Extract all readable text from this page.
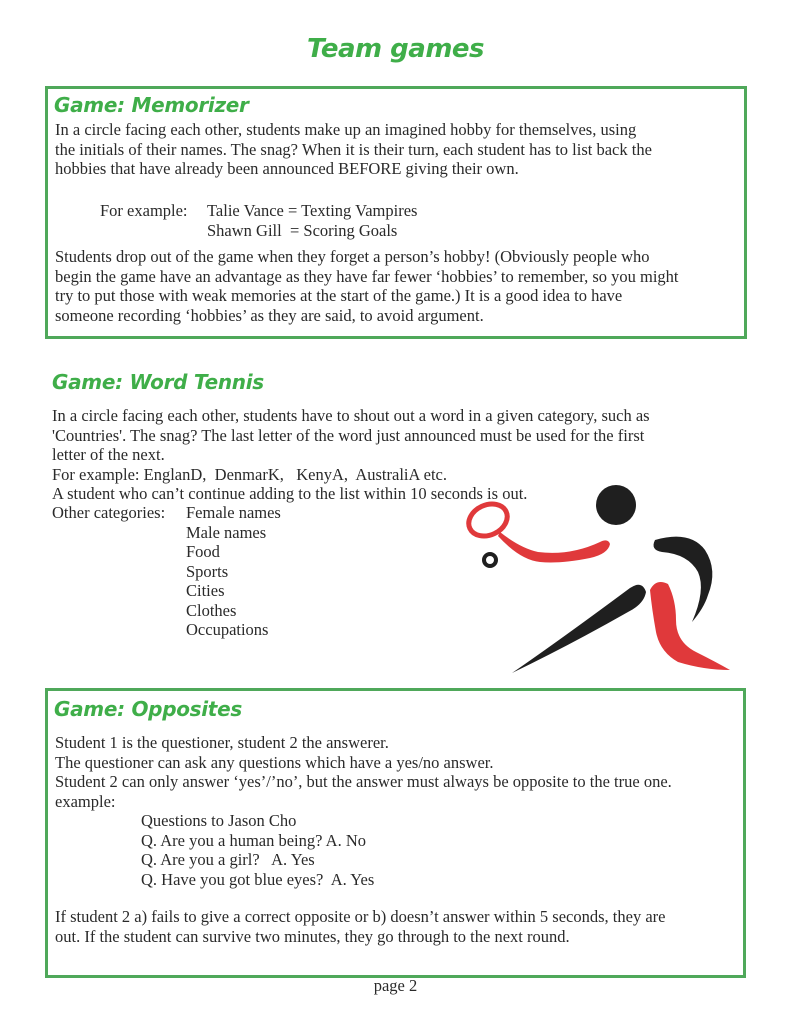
Team games
Game: Memorizer

In a circle facing each other, students make up an imagined hobby for themselves, using

the initials of their names. The snag? When it is their turn, each student has to list back the

hobbies that have already been announced BEFORE giving their own.

For example: Talie Vance = Texting Vampires

Shawn Gill  = Scoring Goals

Students drop out of the game when they forget a person’s hobby! (Obviously people who

begin the game have an advantage as they have far fewer ‘hobbies’ to remember, so you might

try to put those with weak memories at the start of the game.) It is a good idea to have

someone recording ‘hobbies’ as they are said, to avoid argument.

Game: Word Tennis

In a circle facing each other, students have to shout out a word in a given category, such as

'Countries'. The snag? The last letter of the word just announced must be used for the first

letter of the next.

For example: EnglanD,  DenmarK,   KenyA,  AustraliA etc.

A student who can’t continue adding to the list within 10 seconds is out.

Other categories: Female names

Male names

Food

Sports

Cities

Clothes

Occupations

Game: Opposites

Student 1 is the questioner, student 2 the answerer.

The questioner can ask any questions which have a yes/no answer.

Student 2 can only answer ‘yes’/’no’, but the answer must always be opposite to the true one.

example:

Questions to Jason Cho

Q. Are you a human being? A. No

Q. Are you a girl?   A. Yes

Q. Have you got blue eyes?  A. Yes

If student 2 a) fails to give a correct opposite or b) doesn’t answer within 5 seconds, they are

out. If the student can survive two minutes, they go through to the next round.

page 2
